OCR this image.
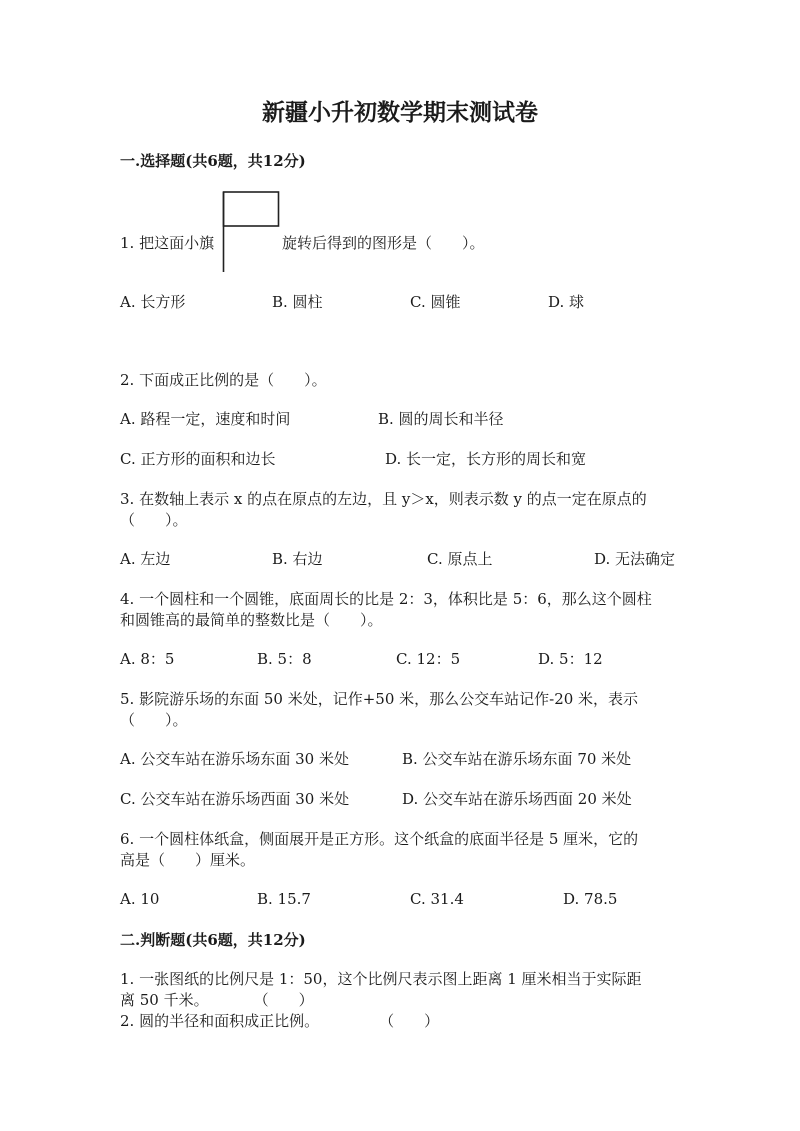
新疆小升初数学期末测试卷
一.选择题(共6题，共12分)
1. 把这面小旗	旋转后得到的图形是（　　）。
A. 长方形	B. 圆柱	C. 圆锥	D. 球
2. 下面成正比例的是（　　）。
A. 路程一定，速度和时间	B. 圆的周长和半径
C. 正方形的面积和边长	D. 长一定，长方形的周长和宽
3. 在数轴上表示 x 的点在原点的左边，且 y＞x，则表示数 y 的点一定在原点的
（　　）。
A. 左边	B. 右边	C. 原点上	D. 无法确定
4. 一个圆柱和一个圆锥，底面周长的比是 2：3，体积比是 5：6，那么这个圆柱
和圆锥高的最简单的整数比是（　　）。
A. 8：5	B. 5：8	C. 12：5	D. 5：12
5. 影院游乐场的东面 50 米处，记作+50 米，那么公交车站记作-20 米，表示
（　　）。
A. 公交车站在游乐场东面 30 米处	B. 公交车站在游乐场东面 70 米处
C. 公交车站在游乐场西面 30 米处	D. 公交车站在游乐场西面 20 米处
6. 一个圆柱体纸盒，侧面展开是正方形。这个纸盒的底面半径是 5 厘米，它的
高是（　　）厘米。
A. 10	B. 15.7	C. 31.4	D. 78.5
二.判断题(共6题，共12分)
1. 一张图纸的比例尺是 1：50，这个比例尺表示图上距离 1 厘米相当于实际距
离 50 千米。　　　　（　　）
2. 圆的半径和面积成正比例。　　　　　（　　）
